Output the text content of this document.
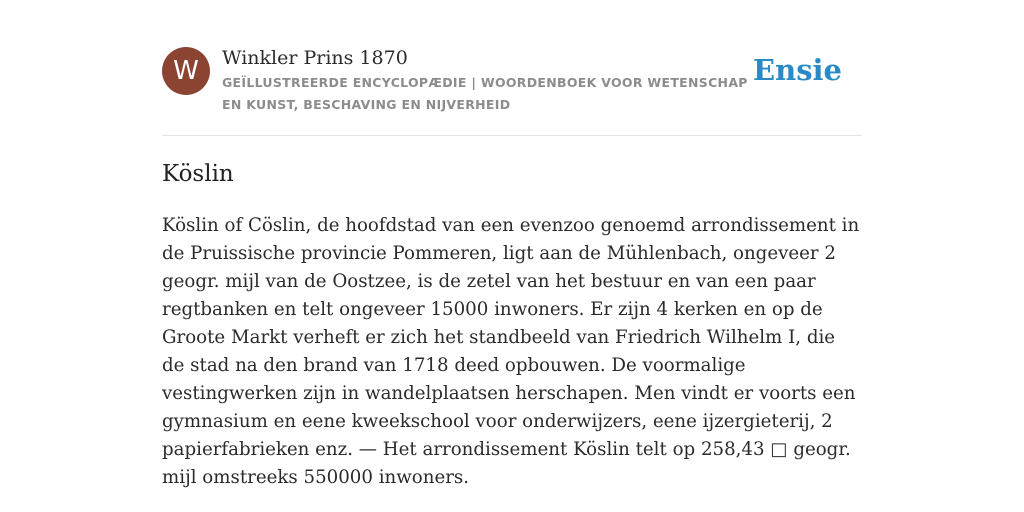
W	Winkler Prins 1870
GEÏLLUSTREERDE ENCYCLOPÆDIE | WOORDENBOEK VOOR WETENSCHAP EN KUNST, BESCHAVING EN NIJVERHEID
Ensie
Köslin

Köslin of Cöslin, de hoofdstad van een evenzoo genoemd arrondissement in de Pruissische provincie Pommeren, ligt aan de Mühlenbach, ongeveer 2 geogr. mijl van de Oostzee, is de zetel van het bestuur en van een paar regtbanken en telt ongeveer 15000 inwoners. Er zijn 4 kerken en op de Groote Markt verheft er zich het standbeeld van Friedrich Wilhelm I, die de stad na den brand van 1718 deed opbouwen. De voormalige vestingwerken zijn in wandelplaatsen herschapen. Men vindt er voorts een gymnasium en eene kweekschool voor onderwijzers, eene ijzergieterij, 2 papierfabrieken enz. — Het arrondissement Köslin telt op 258,43 □ geogr. mijl omstreeks 550000 inwoners.
